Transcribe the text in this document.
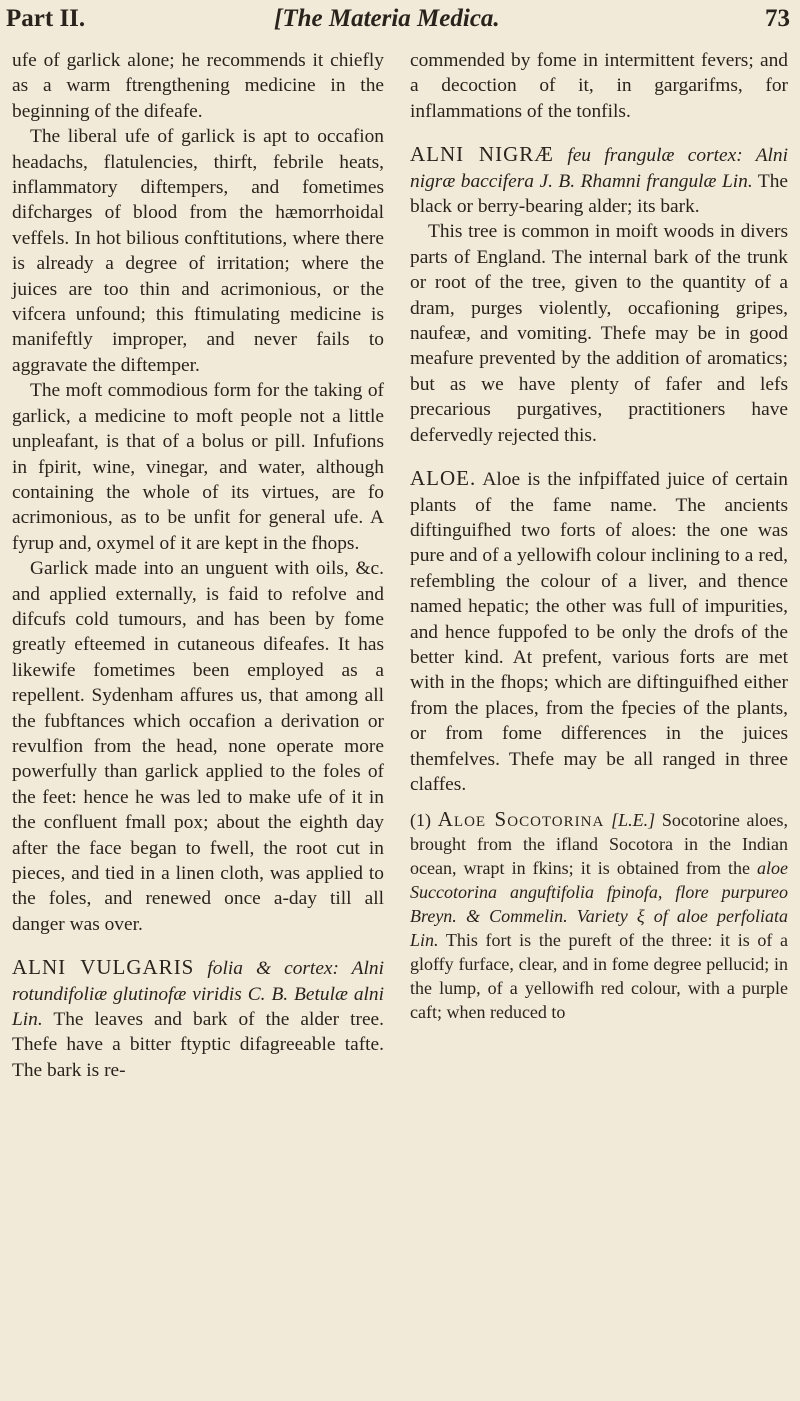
Part II.	[The Materia Medica.	73

ufe of garlick alone; he recommends it chiefly as a warm ftrengthening medicine in the beginning of the difeafe.

The liberal ufe of garlick is apt to occafion headachs, flatulencies, thirft, febrile heats, inflammatory diftempers, and fometimes difcharges of blood from the hæmorrhoidal veffels. In hot bilious conftitutions, where there is already a degree of irritation; where the juices are too thin and acrimonious, or the vifcera unfound; this ftimulating medicine is manifeftly improper, and never fails to aggravate the diftemper.

The moft commodious form for the taking of garlick, a medicine to moft people not a little unpleafant, is that of a bolus or pill. Infufions in fpirit, wine, vinegar, and water, although containing the whole of its virtues, are fo acrimonious, as to be unfit for general ufe. A fyrup and, oxymel of it are kept in the fhops.

Garlick made into an unguent with oils, &c. and applied externally, is faid to refolve and difcufs cold tumours, and has been by fome greatly efteemed in cutaneous difeafes. It has likewife fometimes been employed as a repellent. Sydenham affures us, that among all the fubftances which occafion a derivation or revulfion from the head, none operate more powerfully than garlick applied to the foles of the feet: hence he was led to make ufe of it in the confluent fmall pox; about the eighth day after the face began to fwell, the root cut in pieces, and tied in a linen cloth, was applied to the foles, and renewed once a-day till all danger was over.

ALNI VULGARIS folia & cortex: Alni rotundifoliæ glutinofæ viridis C. B. Betulæ alni Lin. The leaves and bark of the alder tree. Thefe have a bitter ftyptic difagreeable tafte. The bark is re-

commended by fome in intermittent fevers; and a decoction of it, in gargarifms, for inflammations of the tonfils.

ALNI NIGRÆ feu frangulæ cortex: Alni nigræ baccifera J. B. Rhamni frangulæ Lin. The black or berry-bearing alder; its bark.

This tree is common in moift woods in divers parts of England. The internal bark of the trunk or root of the tree, given to the quantity of a dram, purges violently, occafioning gripes, naufeæ, and vomiting. Thefe may be in good meafure prevented by the addition of aromatics; but as we have plenty of fafer and lefs precarious purgatives, practitioners have defervedly rejected this.

ALOE. Aloe is the infpiffated juice of certain plants of the fame name. The ancients diftinguifhed two forts of aloes: the one was pure and of a yellowifh colour inclining to a red, refembling the colour of a liver, and thence named hepatic; the other was full of impurities, and hence fuppofed to be only the drofs of the better kind. At prefent, various forts are met with in the fhops; which are diftinguifhed either from the places, from the fpecies of the plants, or from fome differences in the juices themfelves. Thefe may be all ranged in three claffes.

(1) Aloe Socotorina [L.E.] Socotorine aloes, brought from the ifland Socotora in the Indian ocean, wrapt in fkins; it is obtained from the aloe Succotorina anguftifolia fpinofa, flore purpureo Breyn. & Commelin. Variety ξ of aloe perfoliata Lin. This fort is the pureft of the three: it is of a gloffy furface, clear, and in fome degree pellucid; in the lump, of a yellowifh red colour, with a purple caft; when reduced to
